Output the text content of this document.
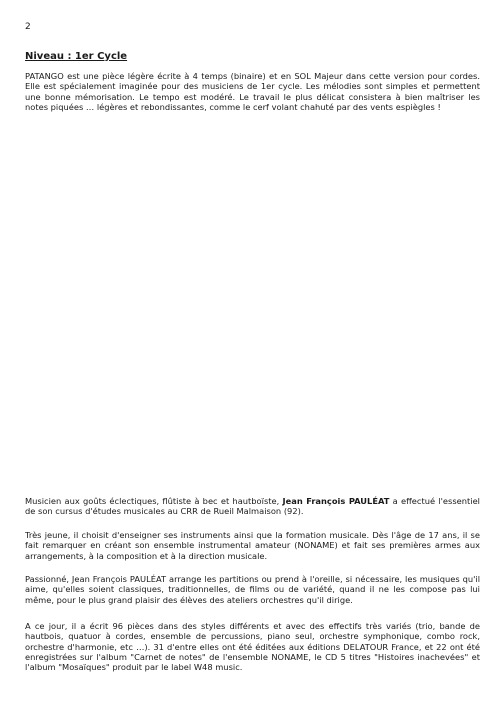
2
Niveau : 1er Cycle

PATANGO est une pièce légère écrite à 4 temps (binaire) et en SOL Majeur dans cette version pour cordes. Elle est spécialement imaginée pour des musiciens de 1er cycle. Les mélodies sont simples et permettent une bonne mémorisation. Le tempo est modéré. Le travail le plus délicat consistera à bien maîtriser les notes piquées … légères et rebondissantes, comme le cerf volant chahuté par des vents espiègles !

Musicien aux goûts éclectiques, flûtiste à bec et hautboïste, Jean François PAULÉAT a effectué l'essentiel de son cursus d'études musicales au CRR de Rueil Malmaison (92).

Très jeune, il choisit d'enseigner ses instruments ainsi que la formation musicale. Dès l'âge de 17 ans, il se fait remarquer en créant son ensemble instrumental amateur (NONAME) et fait ses premières armes aux arrangements, à la composition et à la direction musicale.

Passionné, Jean François PAULÉAT arrange les partitions ou prend à l'oreille, si nécessaire, les musiques qu'il aime, qu'elles soient classiques, traditionnelles, de films ou de variété, quand il ne les compose pas lui même, pour le plus grand plaisir des élèves des ateliers orchestres qu'il dirige.

A ce jour, il a écrit 96 pièces dans des styles différents et avec des effectifs très variés (trio, bande de hautbois, quatuor à cordes, ensemble de percussions, piano seul, orchestre symphonique, combo rock, orchestre d'harmonie, etc …). 31 d'entre elles ont été éditées aux éditions DELATOUR France, et 22 ont été enregistrées sur l'album "Carnet de notes" de l'ensemble NONAME, le CD 5 titres "Histoires inachevées" et l'album "Mosaïques" produit par le label W48 music.
